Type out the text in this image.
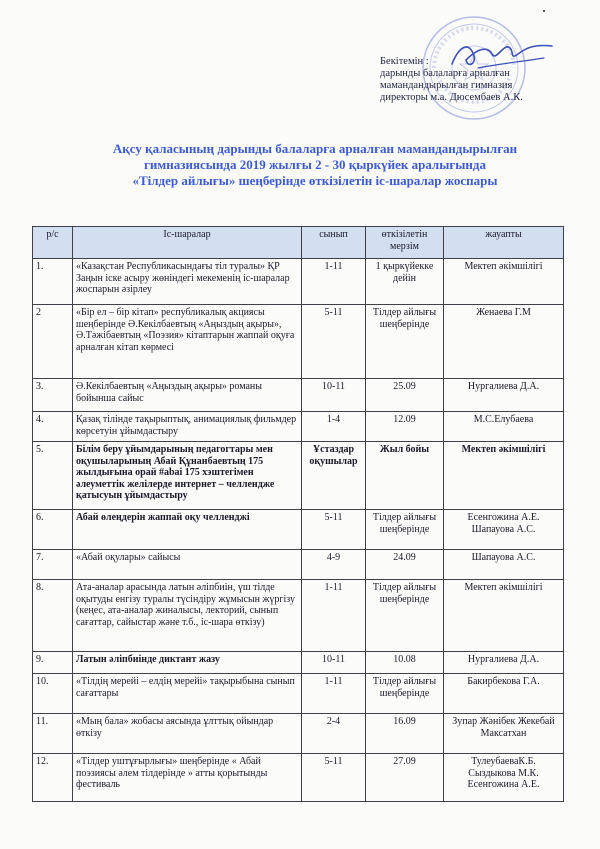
Бекітемін :
дарынды балаларға арналған
мамандандырылған гимназия
директоры м.а. Дюсембаев А.К.
Ақсу қаласының дарынды балаларға арналған мамандандырылған
гимназиясында 2019 жылғы 2 - 30 қыркүйек аралығында
«Тілдер айлығы» шеңберінде өткізілетін іс-шаралар жоспары
р/с	Іс-шаралар	сынып	өткізілетін мерзім	жауапты
1.	«Казақстан Республикасындағы тіл туралы» ҚР Заңын іске асыру жөніндегі мекеменің іс-шаралар жоспарын әзірлеу	1-11	1 қыркүйекке дейін	Мектеп әкімшілігі
2	«Бір ел – бір кітап» республикалық акциясы шеңберінде Ә.Кекілбаевтың «Аңыздың ақыры», Ә.Тәжібаевтың «Поэзия» кітаптарын жаппай оқуға арналған кітап көрмесі	5-11	Тілдер айлығы шеңберінде	Женаева Г.М
3.	Ә.Кекілбаевтың «Аңыздың ақыры» романы бойынша сайыс	10-11	25.09	Нургалиева Д.А.
4.	Қазақ тілінде тақырыптық, анимациялық фильмдер көрсетуін ұйымдастыру	1-4	12.09	М.С.Елубаева
5.	Білім беру ұйымдарының педагогтары мен оқушыларының Абай Құнанбаевтың 175 жылдығына орай #abai 175 хэштегімен әлеуметтік желілерде интернет – челлендже қатысуын ұйымдастыру	Ұстаздар оқушылар	Жыл бойы	Мектеп әкімшілігі
6.	Абай өлеңдерін жаппай оқу челленджі	5-11	Тілдер айлығы шеңберінде	Есенгожина А.Е. Шапауова А.С.
7.	«Абай оқулары» сайысы	4-9	24.09	Шапауова А.С.
8.	Ата-аналар арасында латын әліпбиін, үш тілде оқытуды енгізу туралы түсіндіру жұмысын жүргізу (кеңес, ата-аналар жиналысы, лекторий, сынып сағаттар, сайыстар және т.б., іс-шара өткізу)	1-11	Тілдер айлығы шеңберінде	Мектеп әкімшілігі
9.	Латын әліпбиінде диктант жазу	10-11	10.08	Нургалиева Д.А.
10.	«Тілдің мерейі – елдің мерейі» тақырыбына сынып сағаттары	1-11	Тілдер айлығы шеңберінде	Бакирбекова Г.А.
11.	«Мың бала» жобасы аясында ұлттық ойындар өткізу	2-4	16.09	Зупар Жәнібек Жекебай Максатхан
12.	«Тілдер уштұғырлығы» шеңберінде « Абай поэзиясы әлем тілдерінде » атты қорытынды фестиваль	5-11	27.09	ТулеубаеваК.Б. Сыздыкова М.К. Есенгожина А.Е.
